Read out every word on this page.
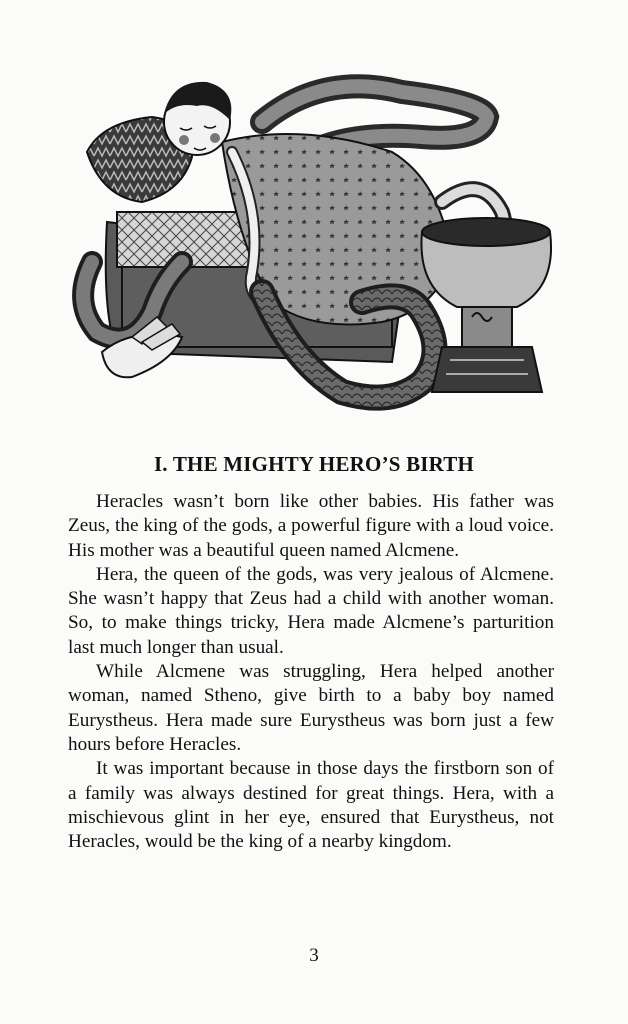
I. THE MIGHTY HERO’S BIRTH

Heracles wasn’t born like other babies. His father was Zeus, the king of the gods, a powerful figure with a loud voice. His mother was a beautiful queen named Alcmene.

Hera, the queen of the gods, was very jealous of Alcmene. She wasn’t happy that Zeus had a child with another woman. So, to make things tricky, Hera made Alcmene’s parturition last much longer than usual.

While Alcmene was struggling, Hera helped another woman, named Stheno, give birth to a baby boy named Eurystheus. Hera made sure Eurystheus was born just a few hours before Heracles.

It was important because in those days the firstborn son of a family was always destined for great things. Hera, with a mischievous glint in her eye, ensured that Eurystheus, not Heracles, would be the king of a nearby kingdom.

3
